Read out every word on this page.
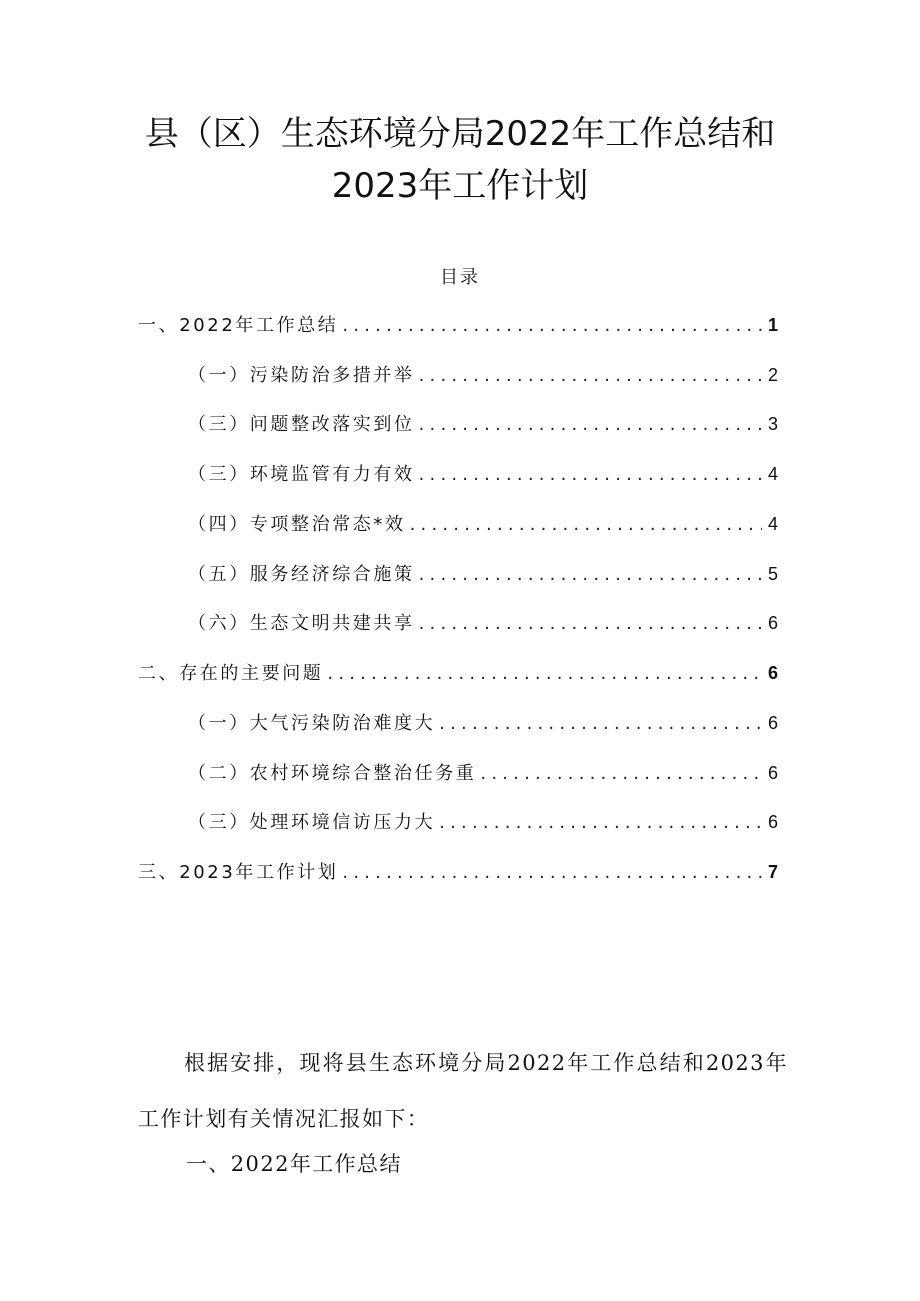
县（区）生态环境分局2022年工作总结和
2023年工作计划
目录
一、2022年工作总结 .....	1
（一）污染防治多措并举 .....	2
（三）问题整改落实到位 .....	3
（三）环境监管有力有效 .....	4
（四）专项整治常态*效 .....	4
（五）服务经济综合施策 .....	5
（六）生态文明共建共享 .....	6
二、存在的主要问题 .....	6
（一）大气污染防治难度大 .....	6
（二）农村环境综合整治任务重 .....	6
（三）处理环境信访压力大 .....	6
三、2023年工作计划 .....	7

根据安排，现将县生态环境分局2022年工作总结和2023年工作计划有关情况汇报如下：

一、2022年工作总结
